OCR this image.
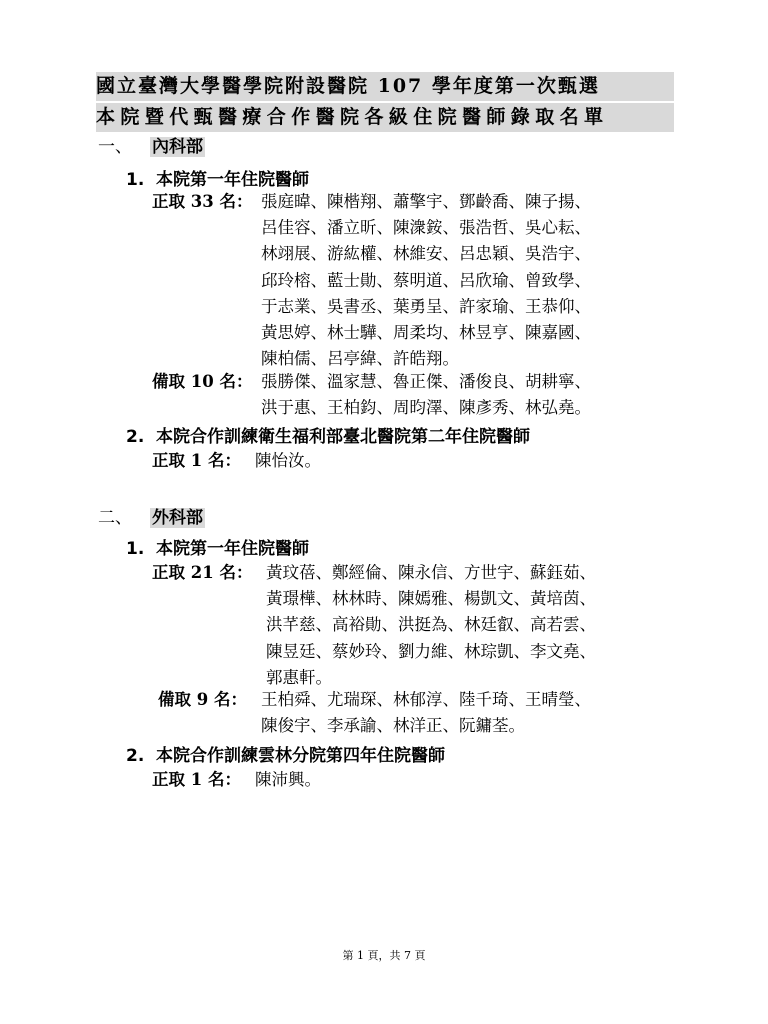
國立臺灣大學醫學院附設醫院 107 學年度第一次甄選
本院暨代甄醫療合作醫院各級住院醫師錄取名單
一、 內科部
1. 本院第一年住院醫師
正取 33 名： 張庭暐、陳楷翔、蕭擎宇、鄧齡喬、陳子揚、
呂佳容、潘立昕、陳潨銨、張浩哲、吳心耘、
林翊展、游紘權、林維安、呂忠穎、吳浩宇、
邱玲榕、藍士勛、蔡明道、呂欣瑜、曾致學、
于志業、吳書丞、葉勇呈、許家瑜、王恭仰、
黃思婷、林士驊、周柔均、林昱亨、陳嘉國、
陳柏儒、呂亭緯、許皓翔。
備取 10 名： 張勝傑、溫家慧、魯正傑、潘俊良、胡耕寧、
洪于惠、王柏鈞、周昀澤、陳彥秀、林弘堯。
2. 本院合作訓練衛生福利部臺北醫院第二年住院醫師
正取 1 名： 陳怡汝。
二、 外科部
1. 本院第一年住院醫師
正取 21 名： 黃玟蓓、鄭經倫、陳永信、方世宇、蘇鈺茹、
黃璟樺、林林時、陳嫣雅、楊凱文、黃培茵、
洪芊慈、高裕勛、洪挺為、林廷叡、高若雲、
陳昱廷、蔡妙玲、劉力維、林琮凱、李文堯、
郭惠軒。
備取 9 名： 王柏舜、尤瑞琛、林郁淳、陸千琦、王晴瑩、
陳俊宇、李承諭、林洋正、阮鏞荃。
2. 本院合作訓練雲林分院第四年住院醫師
正取 1 名： 陳沛興。
第 1 頁，共 7 頁
